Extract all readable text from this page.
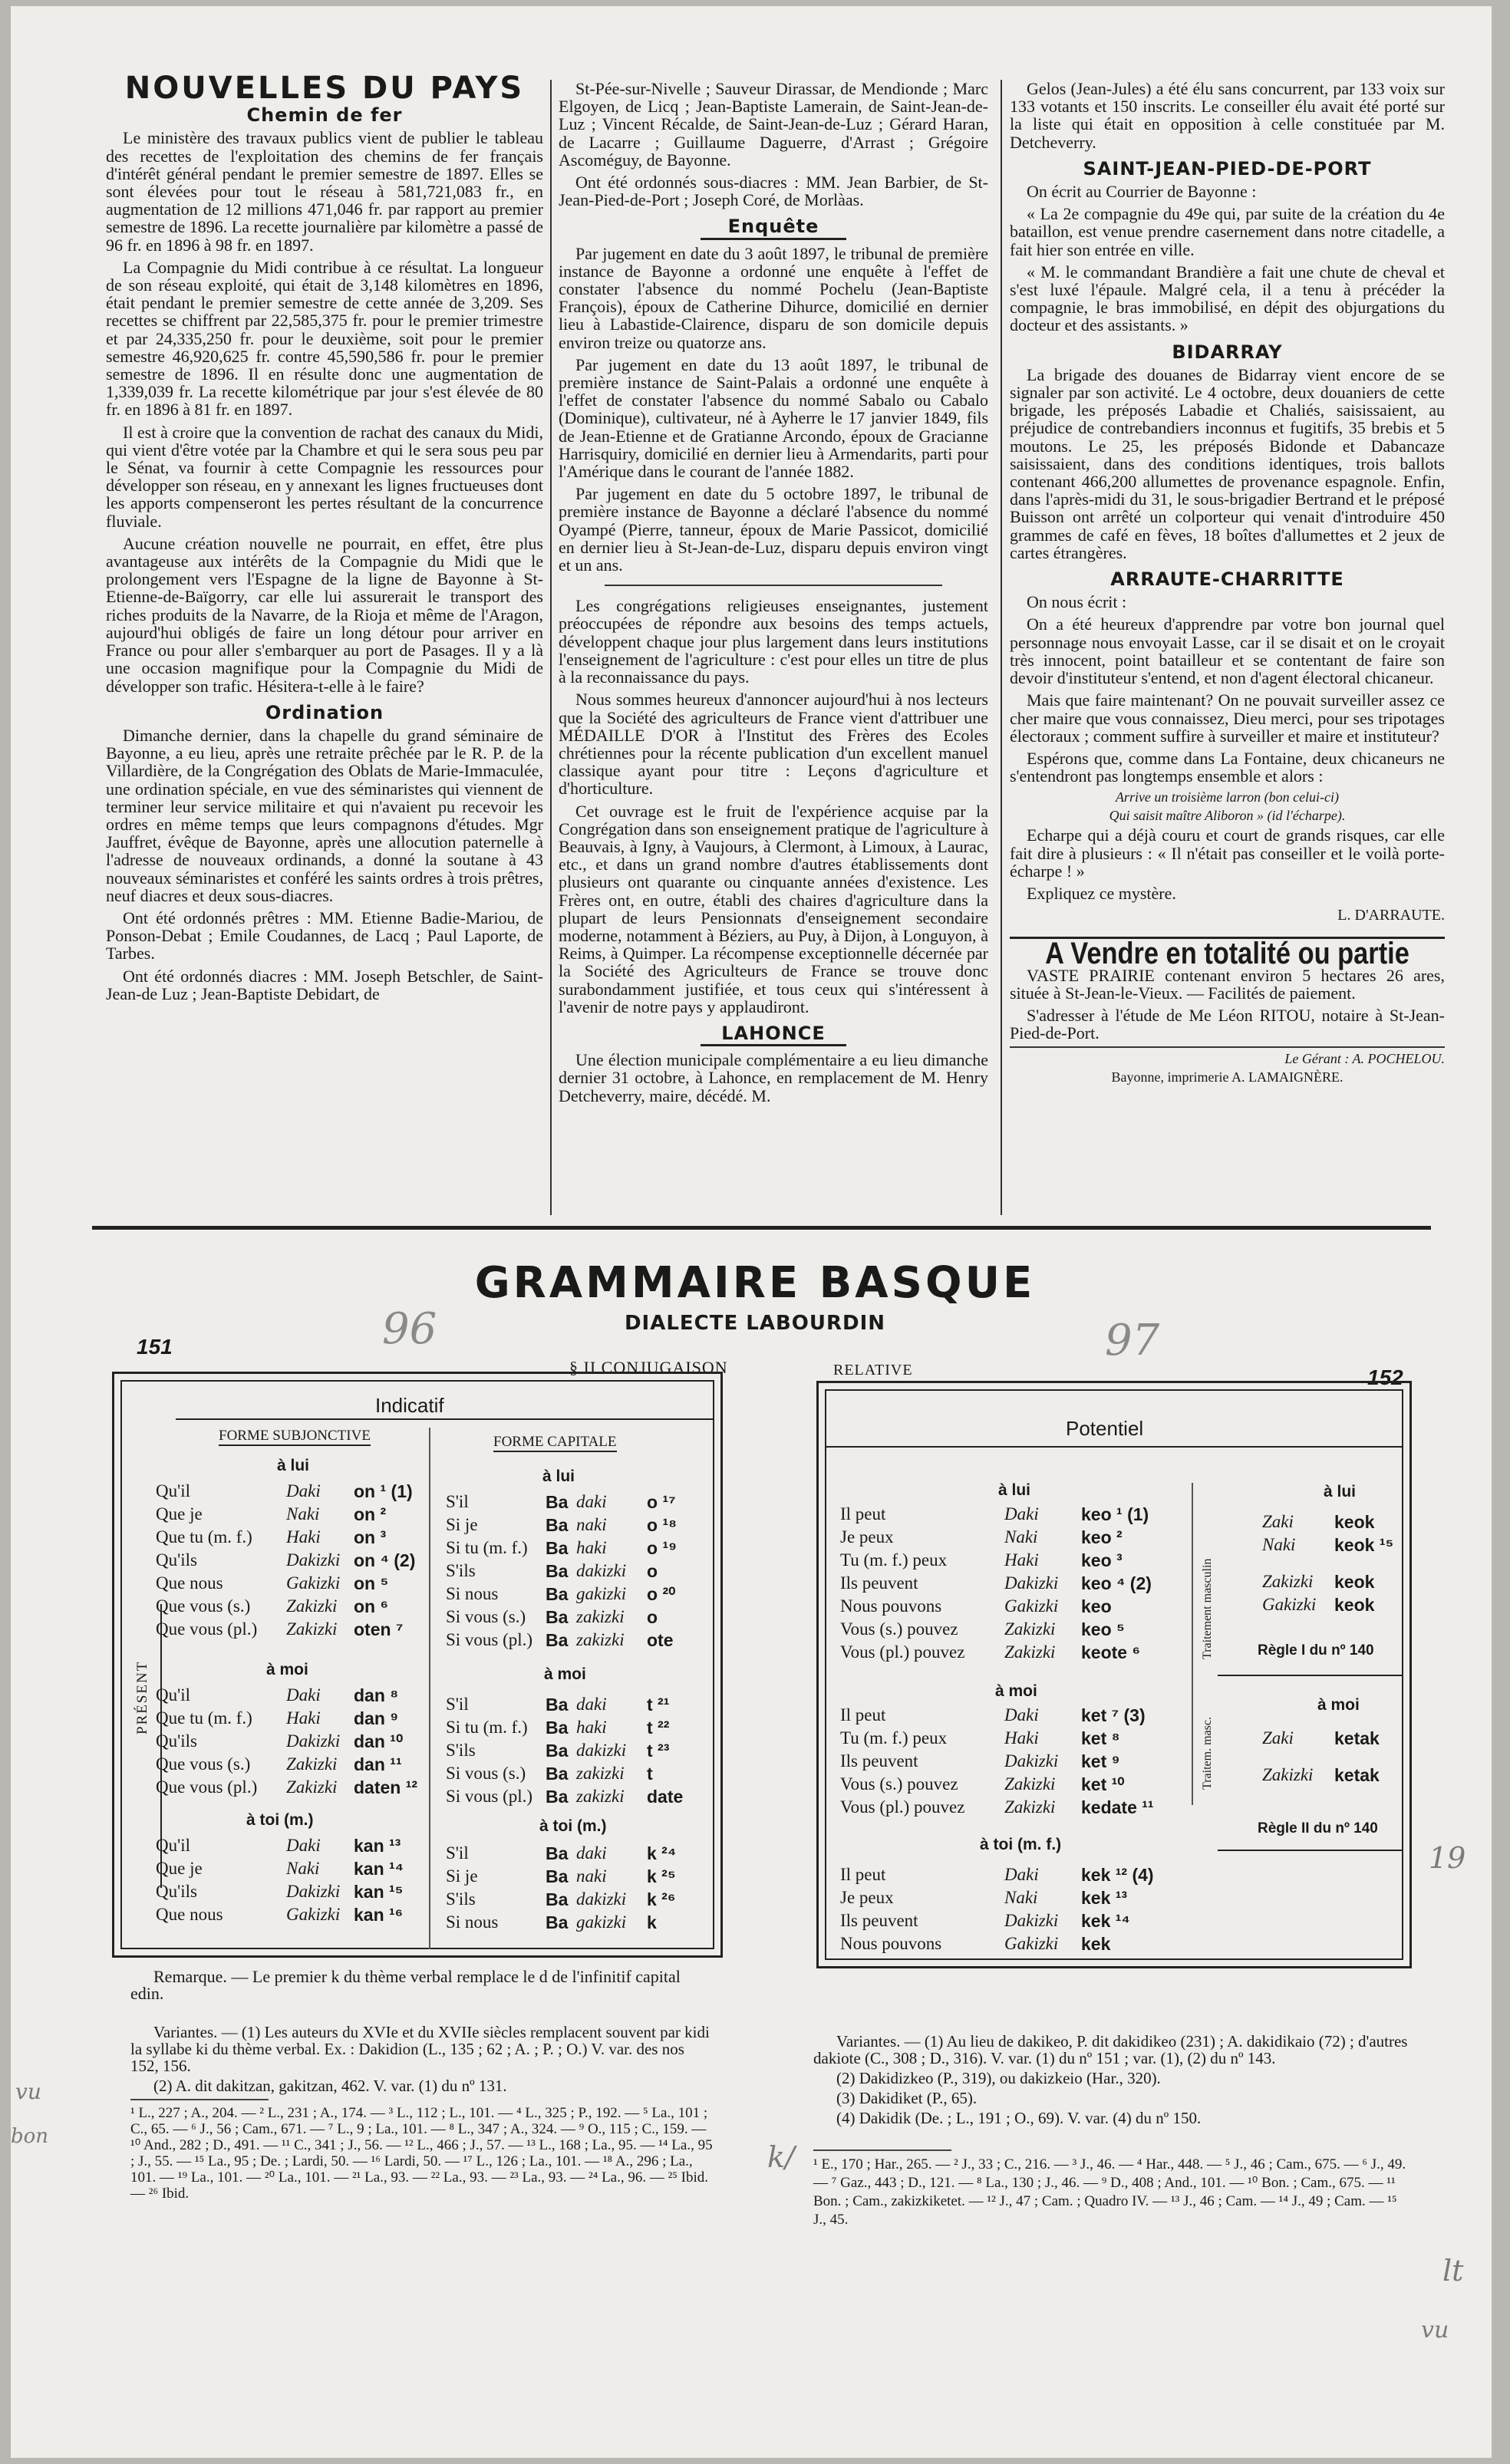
NOUVELLES DU PAYS
Chemin de fer

Le ministère des travaux publics vient de publier le tableau des recettes de l'exploitation des chemins de fer français d'intérêt général pendant le premier semestre de 1897. Elles se sont élevées pour tout le réseau à 581,721,083 fr., en augmentation de 12 millions 471,046 fr. par rapport au premier semestre de 1896. La recette journalière par kilomètre a passé de 96 fr. en 1896 à 98 fr. en 1897.

La Compagnie du Midi contribue à ce résultat. La longueur de son réseau exploité, qui était de 3,148 kilomètres en 1896, était pendant le premier semestre de cette année de 3,209. Ses recettes se chiffrent par 22,585,375 fr. pour le premier trimestre et par 24,335,250 fr. pour le deuxième, soit pour le premier semestre 46,920,625 fr. contre 45,590,586 fr. pour le premier semestre de 1896. Il en résulte donc une augmentation de 1,339,039 fr. La recette kilométrique par jour s'est élevée de 80 fr. en 1896 à 81 fr. en 1897.

Il est à croire que la convention de rachat des canaux du Midi, qui vient d'être votée par la Chambre et qui le sera sous peu par le Sénat, va fournir à cette Compagnie les ressources pour développer son réseau, en y annexant les lignes fructueuses dont les apports compenseront les pertes résultant de la concurrence fluviale.

Aucune création nouvelle ne pourrait, en effet, être plus avantageuse aux intérêts de la Compagnie du Midi que le prolongement vers l'Espagne de la ligne de Bayonne à St-Etienne-de-Baïgorry, car elle lui assurerait le transport des riches produits de la Navarre, de la Rioja et même de l'Aragon, aujourd'hui obligés de faire un long détour pour arriver en France ou pour aller s'embarquer au port de Pasages. Il y a là une occasion magnifique pour la Compagnie du Midi de développer son trafic. Hésitera-t-elle à le faire?

Ordination

Dimanche dernier, dans la chapelle du grand séminaire de Bayonne, a eu lieu, après une retraite prêchée par le R. P. de la Villardière, de la Congrégation des Oblats de Marie-Immaculée, une ordination spéciale, en vue des séminaristes qui viennent de terminer leur service militaire et qui n'avaient pu recevoir les ordres en même temps que leurs compagnons d'études. Mgr Jauffret, évêque de Bayonne, après une allocution paternelle à l'adresse de nouveaux ordinands, a donné la soutane à 43 nouveaux séminaristes et conféré les saints ordres à trois prêtres, neuf diacres et deux sous-diacres.

Ont été ordonnés prêtres : MM. Etienne Badie-Mariou, de Ponson-Debat ; Emile Coudannes, de Lacq ; Paul Laporte, de Tarbes.

Ont été ordonnés diacres : MM. Joseph Betschler, de Saint-Jean-de Luz ; Jean-Baptiste Debidart, de

St-Pée-sur-Nivelle ; Sauveur Dirassar, de Mendionde ; Marc Elgoyen, de Licq ; Jean-Baptiste Lamerain, de Saint-Jean-de-Luz ; Vincent Récalde, de Saint-Jean-de-Luz ; Gérard Haran, de Lacarre ; Guillaume Daguerre, d'Arrast ; Grégoire Ascoméguy, de Bayonne.

Ont été ordonnés sous-diacres : MM. Jean Barbier, de St-Jean-Pied-de-Port ; Joseph Coré, de Morlàas.

Enquête

Par jugement en date du 3 août 1897, le tribunal de première instance de Bayonne a ordonné une enquête à l'effet de constater l'absence du nommé Pochelu (Jean-Baptiste François), époux de Catherine Dihurce, domicilié en dernier lieu à Labastide-Clairence, disparu de son domicile depuis environ treize ou quatorze ans.

Par jugement en date du 13 août 1897, le tribunal de première instance de Saint-Palais a ordonné une enquête à l'effet de constater l'absence du nommé Sabalo ou Cabalo (Dominique), cultivateur, né à Ayherre le 17 janvier 1849, fils de Jean-Etienne et de Gratianne Arcondo, époux de Gracianne Harrisquiry, domicilié en dernier lieu à Armendarits, parti pour l'Amérique dans le courant de l'année 1882.

Par jugement en date du 5 octobre 1897, le tribunal de première instance de Bayonne a déclaré l'absence du nommé Oyampé (Pierre, tanneur, époux de Marie Passicot, domicilié en dernier lieu à St-Jean-de-Luz, disparu depuis environ vingt et un ans.

Les congrégations religieuses enseignantes, justement préoccupées de répondre aux besoins des temps actuels, développent chaque jour plus largement dans leurs institutions l'enseignement de l'agriculture : c'est pour elles un titre de plus à la reconnaissance du pays.

Nous sommes heureux d'annoncer aujourd'hui à nos lecteurs que la Société des agriculteurs de France vient d'attribuer une MÉDAILLE D'OR à l'Institut des Frères des Ecoles chrétiennes pour la récente publication d'un excellent manuel classique ayant pour titre : Leçons d'agriculture et d'horticulture.

Cet ouvrage est le fruit de l'expérience acquise par la Congrégation dans son enseignement pratique de l'agriculture à Beauvais, à Igny, à Vaujours, à Clermont, à Limoux, à Laurac, etc., et dans un grand nombre d'autres établissements dont plusieurs ont quarante ou cinquante années d'existence. Les Frères ont, en outre, établi des chaires d'agriculture dans la plupart de leurs Pensionnats d'enseignement secondaire moderne, notamment à Béziers, au Puy, à Dijon, à Longuyon, à Reims, à Quimper. La récompense exceptionnelle décernée par la Société des Agriculteurs de France se trouve donc surabondamment justifiée, et tous ceux qui s'intéressent à l'avenir de notre pays y applaudiront.

LAHONCE

Une élection municipale complémentaire a eu lieu dimanche dernier 31 octobre, à Lahonce, en remplacement de M. Henry Detcheverry, maire, décédé. M.

Gelos (Jean-Jules) a été élu sans concurrent, par 133 voix sur 133 votants et 150 inscrits. Le conseiller élu avait été porté sur la liste qui était en opposition à celle constituée par M. Detcheverry.

SAINT-JEAN-PIED-DE-PORT

On écrit au Courrier de Bayonne :

« La 2e compagnie du 49e qui, par suite de la création du 4e bataillon, est venue prendre casernement dans notre citadelle, a fait hier son entrée en ville.

« M. le commandant Brandière a fait une chute de cheval et s'est luxé l'épaule. Malgré cela, il a tenu à précéder la compagnie, le bras immobilisé, en dépit des objurgations du docteur et des assistants. »

BIDARRAY

La brigade des douanes de Bidarray vient encore de se signaler par son activité. Le 4 octobre, deux douaniers de cette brigade, les préposés Labadie et Chaliés, saisissaient, au préjudice de contrebandiers inconnus et fugitifs, 35 brebis et 5 moutons. Le 25, les préposés Bidonde et Dabancaze saisissaient, dans des conditions identiques, trois ballots contenant 466,200 allumettes de provenance espagnole. Enfin, dans l'après-midi du 31, le sous-brigadier Bertrand et le préposé Buisson ont arrêté un colporteur qui venait d'introduire 450 grammes de café en fèves, 18 boîtes d'allumettes et 2 jeux de cartes étrangères.

ARRAUTE-CHARRITTE

On nous écrit :

On a été heureux d'apprendre par votre bon journal quel personnage nous envoyait Lasse, car il se disait et on le croyait très innocent, point batailleur et se contentant de faire son devoir d'instituteur s'entend, et non d'agent électoral chicaneur.

Mais que faire maintenant? On ne pouvait surveiller assez ce cher maire que vous connaissez, Dieu merci, pour ses tripotages électoraux ; comment suffire à surveiller et maire et instituteur?

Espérons que, comme dans La Fontaine, deux chicaneurs ne s'entendront pas longtemps ensemble et alors :

Arrive un troisième larron (bon celui-ci)
Qui saisit maître Aliboron » (id l'écharpe).

Echarpe qui a déjà couru et court de grands risques, car elle fait dire à plusieurs : « Il n'était pas conseiller et le voilà porte-écharpe ! »

Expliquez ce mystère.

L. D'ARRAUTE.
A Vendre en totalité ou partie

VASTE PRAIRIE contenant environ 5 hectares 26 ares, située à St-Jean-le-Vieux. — Facilités de paiement.

S'adresser à l'étude de Me Léon RITOU, notaire à St-Jean-Pied-de-Port.

Le Gérant : A. POCHELOU.
Bayonne, imprimerie A. LAMAIGNÈRE.
GRAMMAIRE BASQUE
DIALECTE LABOURDIN
151
152
96	97
§ II CONJUGAISON	RELATIVE
Indicatif
FORME SUBJONCTIVE	FORME CAPITALE
PRÉSENT
à lui
à lui
à moi	à moi
à toi (m.)	à toi (m.)
Qu'il	Daki on ¹ (1)
Que je	Naki on ²
Que tu (m. f.) Haki on ³
Qu'ils	Dakizki on ⁴ (2)
Que nous	Gakizki on ⁵
Que vous (s.) Zakizki on ⁶
Que vous (pl.) Zakizki oten ⁷
Qu'il	Daki dan ⁸
Que tu (m. f.) Haki dan ⁹
Qu'ils	Dakizki dan ¹⁰
Que vous (s.) Zakizki dan ¹¹
Que vous (pl.) Zakizki daten ¹²
Qu'il	Daki kan ¹³
Que je	Naki kan ¹⁴
Qu'ils	Dakizki kan ¹⁵
Que nous	Gakizki kan ¹⁶
S'il	Ba daki o ¹⁷
Si je	Ba naki o ¹⁸
Si tu (m. f.) Ba haki o ¹⁹
S'ils	Ba dakizki o
Si nous	Ba gakizki o ²⁰
Si vous (s.) Ba zakizki o
Si vous (pl.) Ba zakizki ote
S'il	Ba daki t ²¹
Si tu (m. f.) Ba haki t ²²
S'ils	Ba dakizki t ²³
Si vous (s.) Ba zakizki t
Si vous (pl.) Ba zakizki date
S'il	Ba daki k ²⁴
Si je	Ba naki k ²⁵
S'ils	Ba dakizki k ²⁶
Si nous	Ba gakizki k
Potentiel
à lui
à moi
à toi (m. f.)
à lui
à moi
Traitement masculin
Traitem. masc.
Règle I du nº 140
Règle II du nº 140
Il peut	Daki keo ¹ (1)
Je peux	Naki keo ²
Tu (m. f.) peux	Haki keo ³
Ils peuvent	Dakizki keo ⁴ (2)
Nous pouvons	Gakizki keo
Vous (s.) pouvez	Zakizki keo ⁵
Vous (pl.) pouvez Zakizki keote ⁶
Il peut	Daki ket ⁷ (3)
Tu (m. f.) peux	Haki ket ⁸
Ils peuvent	Dakizki ket ⁹
Vous (s.) pouvez	Zakizki ket ¹⁰
Vous (pl.) pouvez Zakizki kedate ¹¹
Il peut	Daki kek ¹² (4)
Je peux	Naki kek ¹³
Ils peuvent	Dakizki kek ¹⁴
Nous pouvons	Gakizki kek
Zaki keok
Naki keok ¹⁵
Zakizki keok
Gakizki keok
Zaki ketak
Zakizki ketak

Remarque. — Le premier k du thème verbal remplace le d de l'infinitif capital edin.

Variantes. — (1) Les auteurs du XVIe et du XVIIe siècles remplacent souvent par kidi la syllabe ki du thème verbal. Ex. : Dakidion (L., 135 ; 62 ; A. ; P. ; O.) V. var. des nos 152, 156.

(2) A. dit dakitzan, gakitzan, 462. V. var. (1) du nº 131.

¹ L., 227 ; A., 204. — ² L., 231 ; A., 174. — ³ L., 112 ; L., 101. — ⁴ L., 325 ; P., 192. — ⁵ La., 101 ; C., 65. — ⁶ J., 56 ; Cam., 671. — ⁷ L., 9 ; La., 101. — ⁸ L., 347 ; A., 324. — ⁹ O., 115 ; C., 159. — ¹⁰ And., 282 ; D., 491. — ¹¹ C., 341 ; J., 56. — ¹² L., 466 ; J., 57. — ¹³ L., 168 ; La., 95. — ¹⁴ La., 95 ; J., 55. — ¹⁵ La., 95 ; De. ; Lardi, 50. — ¹⁶ Lardi, 50. — ¹⁷ L., 126 ; La., 101. — ¹⁸ A., 296 ; La., 101. — ¹⁹ La., 101. — ²⁰ La., 101. — ²¹ La., 93. — ²² La., 93. — ²³ La., 93. — ²⁴ La., 96. — ²⁵ Ibid. — ²⁶ Ibid.

Variantes. — (1) Au lieu de dakikeo, P. dit dakidikeo (231) ; A. dakidikaio (72) ; d'autres dakiote (C., 308 ; D., 316). V. var. (1) du nº 151 ; var. (1), (2) du nº 143.

(2) Dakidizkeo (P., 319), ou dakizkeio (Har., 320).

(3) Dakidiket (P., 65).

(4) Dakidik (De. ; L., 191 ; O., 69). V. var. (4) du nº 150.

¹ E., 170 ; Har., 265. — ² J., 33 ; C., 216. — ³ J., 46. — ⁴ Har., 448. — ⁵ J., 46 ; Cam., 675. — ⁶ J., 49. — ⁷ Gaz., 443 ; D., 121. — ⁸ La., 130 ; J., 46. — ⁹ D., 408 ; And., 101. — ¹⁰ Bon. ; Cam., 675. — ¹¹ Bon. ; Cam., zakizkiketet. — ¹² J., 47 ; Cam. ; Quadro IV. — ¹³ J., 46 ; Cam. — ¹⁴ J., 49 ; Cam. — ¹⁵ J., 45.

19
k/
vu
bon
lt
vu
